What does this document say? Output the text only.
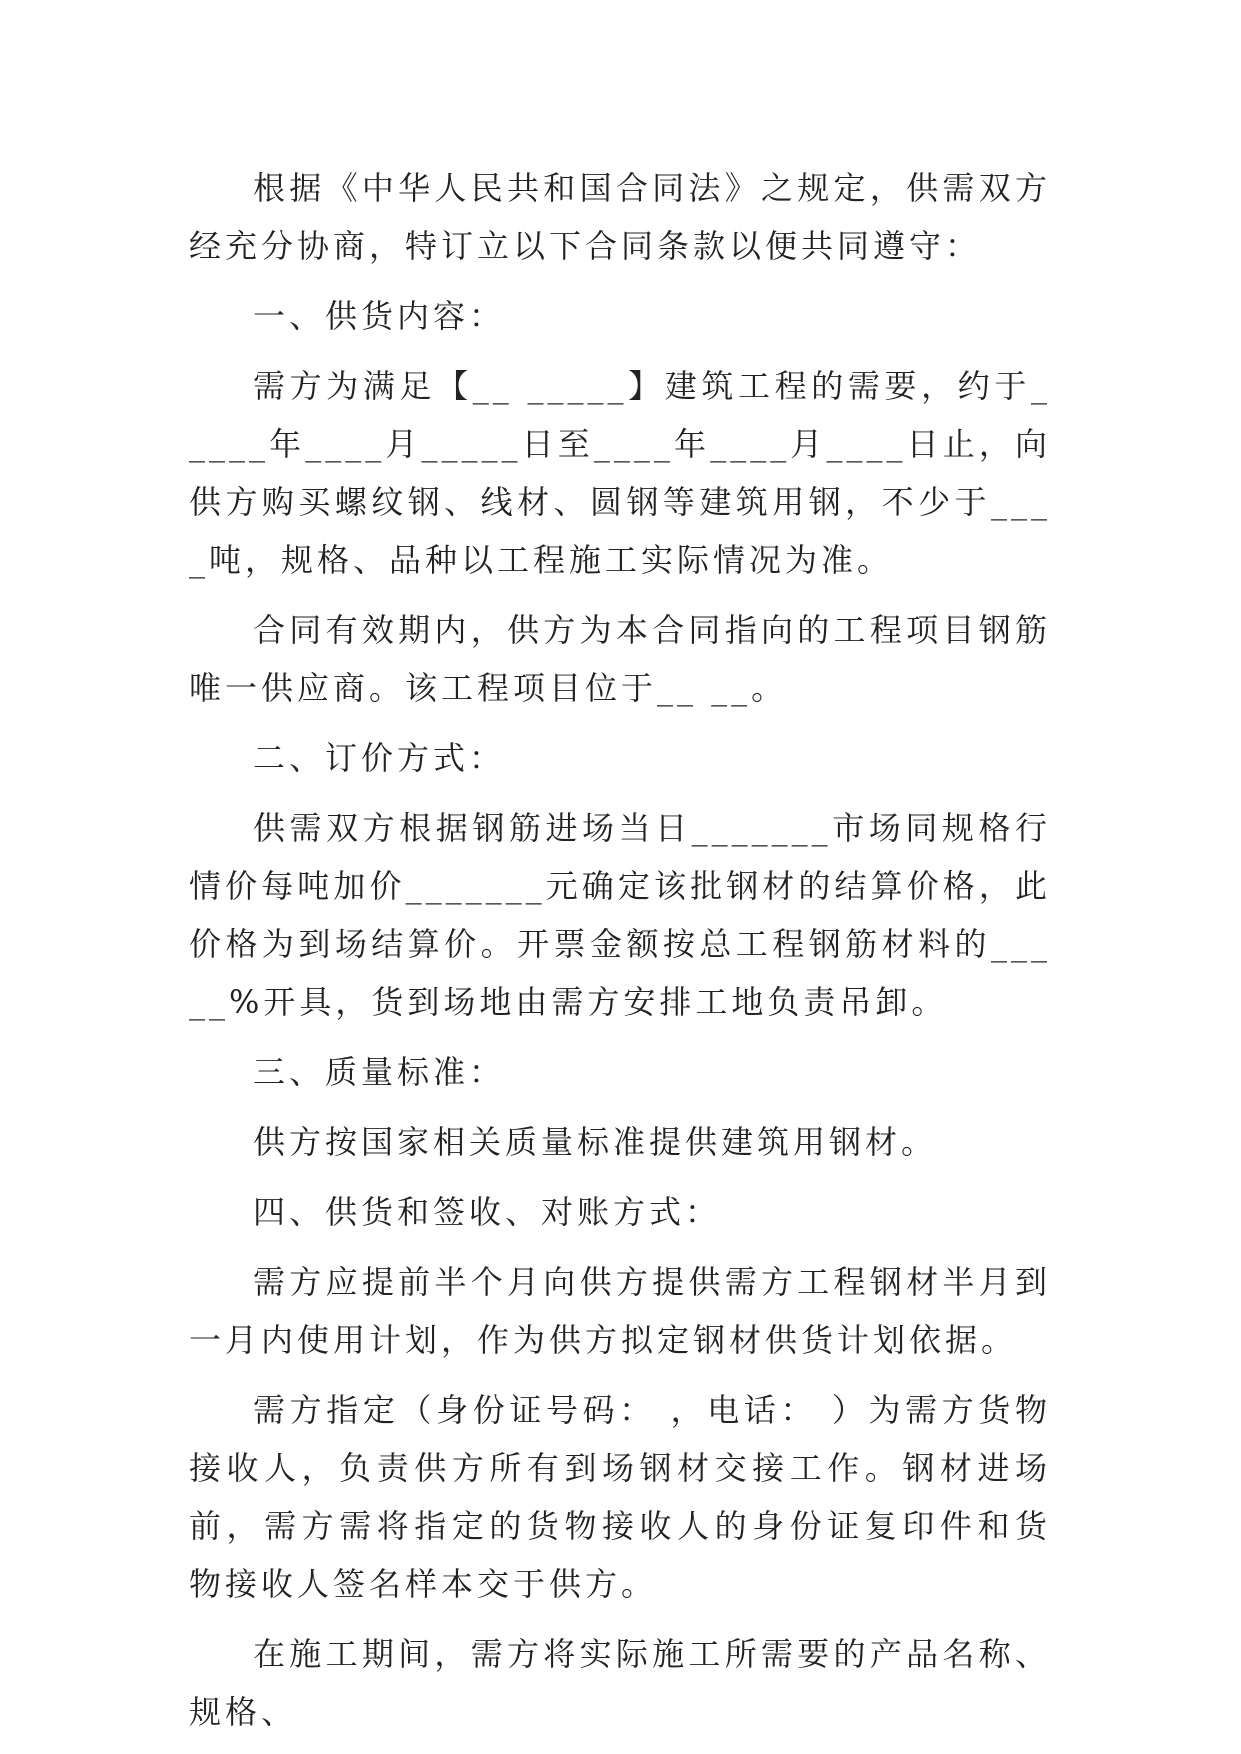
根据《中华人民共和国合同法》之规定，供需双方经充分协商，特订立以下合同条款以便共同遵守：

一、供货内容：

需方为满足【__ _____】建筑工程的需要，约于_____年____月_____日至____年____月____日止，向供方购买螺纹钢、线材、圆钢等建筑用钢，不少于____吨，规格、品种以工程施工实际情况为准。

合同有效期内，供方为本合同指向的工程项目钢筋唯一供应商。该工程项目位于__ __。

二、订价方式：

供需双方根据钢筋进场当日_______市场同规格行情价每吨加价_______元确定该批钢材的结算价格，此价格为到场结算价。开票金额按总工程钢筋材料的_____%开具，货到场地由需方安排工地负责吊卸。

三、质量标准：

供方按国家相关质量标准提供建筑用钢材。

四、供货和签收、对账方式：

需方应提前半个月向供方提供需方工程钢材半月到一月内使用计划，作为供方拟定钢材供货计划依据。

需方指定（身份证号码： ，电话： ）为需方货物接收人，负责供方所有到场钢材交接工作。钢材进场前，需方需将指定的货物接收人的身份证复印件和货物接收人签名样本交于供方。

在施工期间，需方将实际施工所需要的产品名称、规格、
